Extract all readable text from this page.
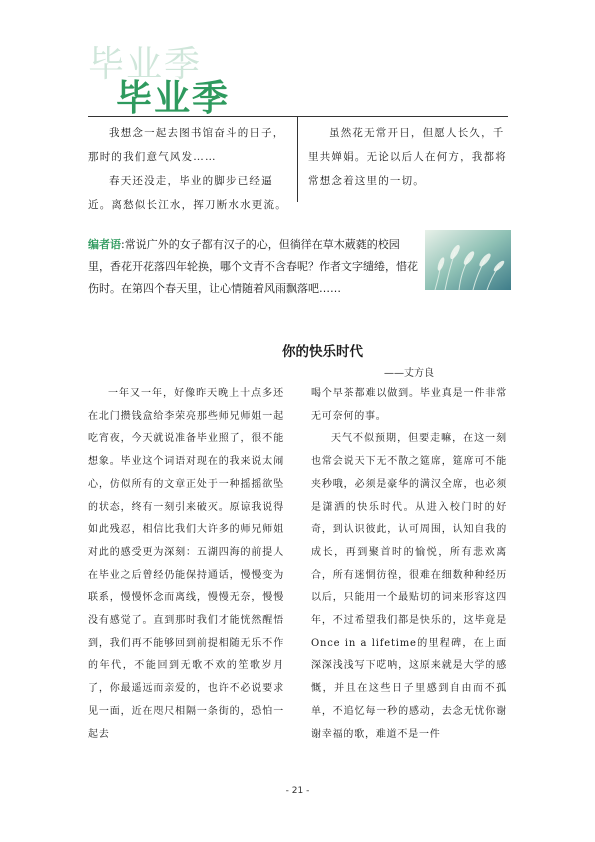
毕业季
毕业季

我想念一起去图书馆奋斗的日子，那时的我们意气风发……

春天还没走，毕业的脚步已经逼近。离愁似长江水，挥刀断水水更流。

虽然花无常开日，但愿人长久，千里共婵娟。无论以后人在何方，我都将常想念着这里的一切。

编者语:常说广外的女子都有汉子的心，但徜徉在草木葳蕤的校园里，香花开花落四年轮换，哪个文青不含春呢？作者文字缱绻，惜花伤时。在第四个春天里，让心情随着风雨飘落吧……
你的快乐时代
——丈方良

一年又一年，好像昨天晚上十点多还在北门攒钱盒给李荣亮那些师兄师姐一起吃宵夜，今天就说准备毕业照了，很不能想象。毕业这个词语对现在的我来说太闹心，仿似所有的文章正处于一种摇摇欲坠的状态，终有一刻引来破灭。原谅我说得如此残忍，相信比我们大许多的师兄师姐对此的感受更为深刻：五湖四海的前提人在毕业之后曾经仍能保持通话，慢慢变为联系，慢慢怀念而离线，慢慢无奈，慢慢没有感觉了。直到那时我们才能恍然醒悟到，我们再不能够回到前提相随无乐不作的年代，不能回到无歌不欢的笙歌岁月了，你最遥远而亲爱的，也许不必说要求见一面，近在咫尺相隔一条街的，恐怕一起去

喝个早茶都难以做到。毕业真是一件非常无可奈何的事。

天气不似预期，但要走嘛，在这一刻也常会说天下无不散之筵席，筵席可不能夹秒哦，必须是豪华的满汉全席，也必须是潇洒的快乐时代。从进入校门时的好奇，到认识彼此，认可周围，认知自我的成长，再到聚首时的愉悦，所有悲欢离合，所有迷惘彷徨，很难在细数种种经历以后，只能用一个最贴切的词来形容这四年，不过希望我们都是快乐的，这毕竟是Once in a lifetime的里程碑，在上面深深浅浅写下呓呐，这原来就是大学的感慨，并且在这些日子里感到自由而不孤单，不追忆每一秒的感动，去念无忧你谢谢幸福的歌，难道不是一件

- 21 -
